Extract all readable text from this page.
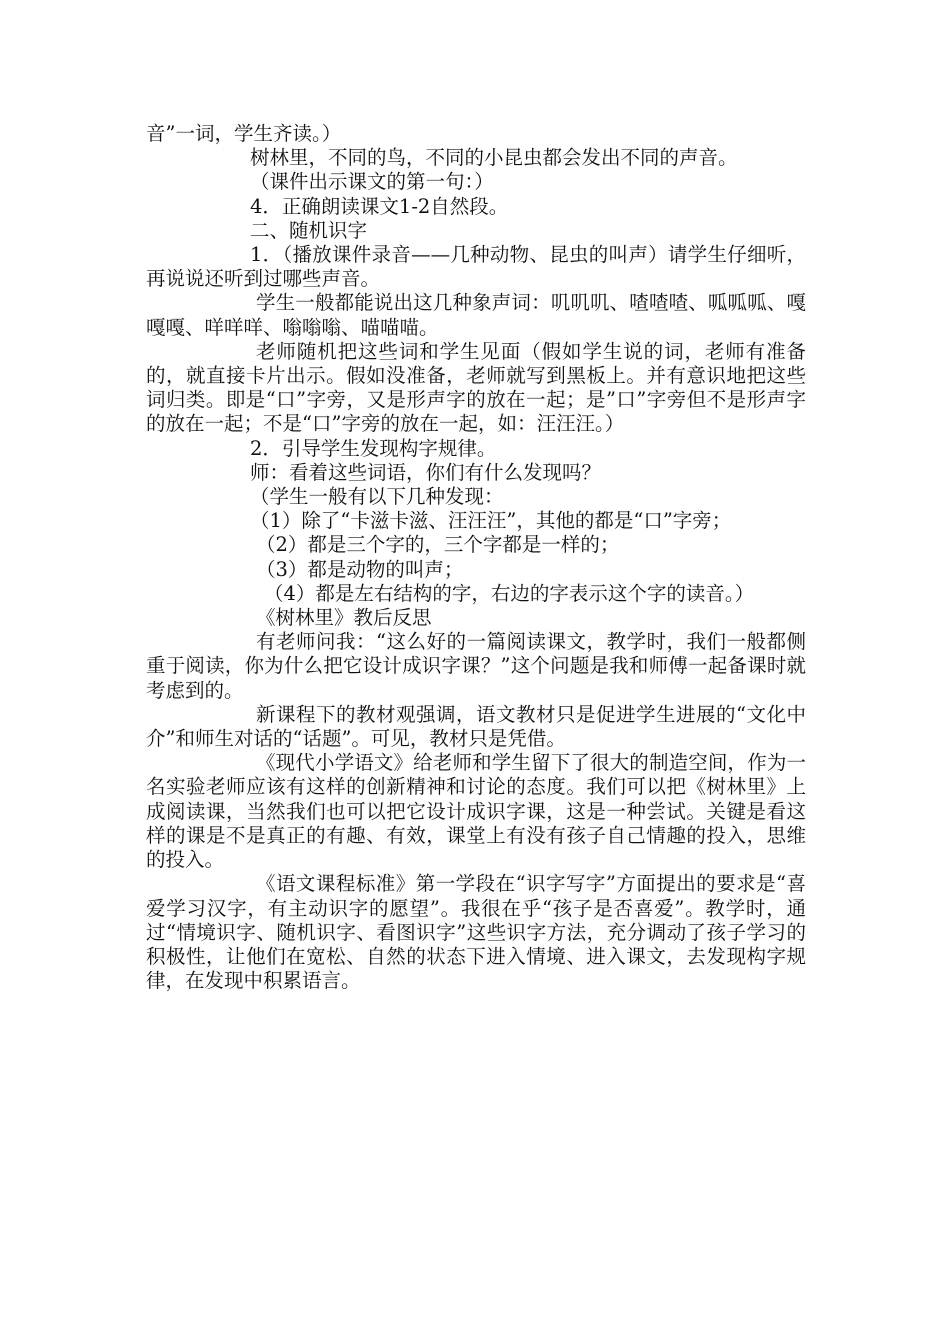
音”一词，学生齐读。）

树林里，不同的鸟，不同的小昆虫都会发出不同的声音。

（课件出示课文的第一句：）

4．正确朗读课文1-2自然段。

二、随机识字

1．（播放课件录音——几种动物、昆虫的叫声）请学生仔细听，再说说还听到过哪些声音。

学生一般都能说出这几种象声词：叽叽叽、喳喳喳、呱呱呱、嘎嘎嘎、咩咩咩、嗡嗡嗡、喵喵喵。

老师随机把这些词和学生见面（假如学生说的词，老师有准备的，就直接卡片出示。假如没准备，老师就写到黑板上。并有意识地把这些词归类。即是“口”字旁，又是形声字的放在一起；是”口”字旁但不是形声字的放在一起；不是“口”字旁的放在一起，如：汪汪汪。）

2．引导学生发现构字规律。

师：看着这些词语，你们有什么发现吗？

（学生一般有以下几种发现：

（1）除了“卡滋卡滋、汪汪汪”，其他的都是“口”字旁；

（2）都是三个字的，三个字都是一样的；

（3）都是动物的叫声；

（4）都是左右结构的字，右边的字表示这个字的读音。）

《树林里》教后反思

有老师问我：“这么好的一篇阅读课文，教学时，我们一般都侧重于阅读，你为什么把它设计成识字课？”这个问题是我和师傅一起备课时就考虑到的。

新课程下的教材观强调，语文教材只是促进学生进展的“文化中介”和师生对话的“话题”。可见，教材只是凭借。

《现代小学语文》给老师和学生留下了很大的制造空间，作为一名实验老师应该有这样的创新精神和讨论的态度。我们可以把《树林里》上成阅读课，当然我们也可以把它设计成识字课，这是一种尝试。关键是看这样的课是不是真正的有趣、有效，课堂上有没有孩子自己情趣的投入，思维的投入。

《语文课程标准》第一学段在“识字写字”方面提出的要求是“喜爱学习汉字，有主动识字的愿望”。我很在乎“孩子是否喜爱”。教学时，通过“情境识字、随机识字、看图识字”这些识字方法，充分调动了孩子学习的积极性，让他们在宽松、自然的状态下进入情境、进入课文，去发现构字规律，在发现中积累语言。
